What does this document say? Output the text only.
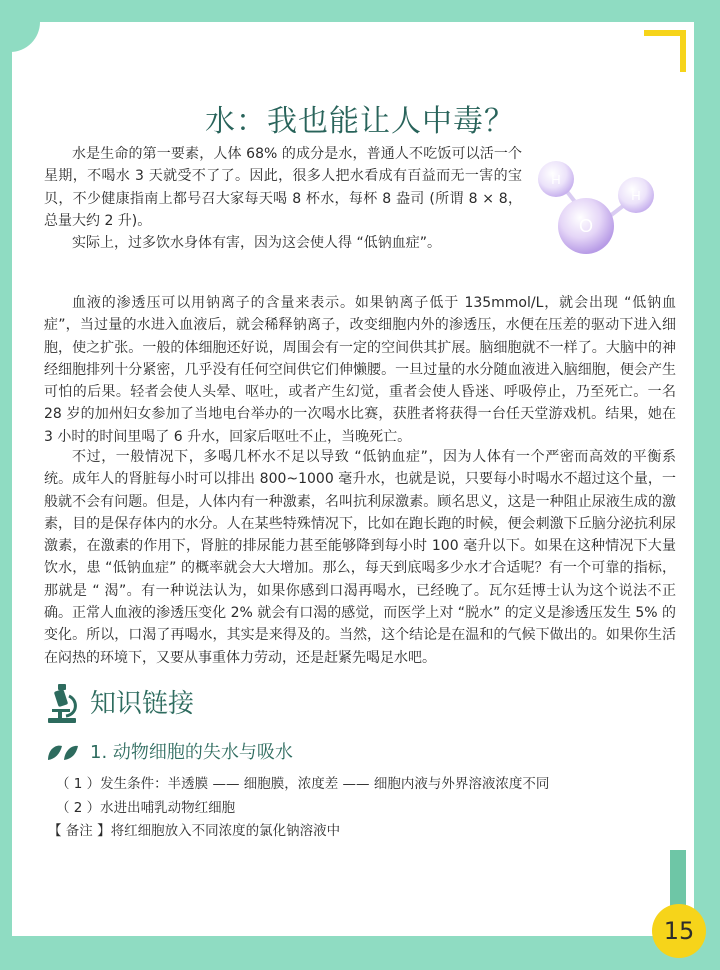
水：我也能让人中毒？

水是生命的第一要素，人体 68% 的成分是水，普通人不吃饭可以活一个星期，不喝水 3 天就受不了了。因此，很多人把水看成有百益而无一害的宝贝，不少健康指南上都号召大家每天喝 8 杯水，每杯 8 盎司 (所谓 8 × 8，总量大约 2 升)。

实际上，过多饮水身体有害，因为这会使人得 “低钠血症”。

H
H
O

血液的渗透压可以用钠离子的含量来表示。如果钠离子低于 135mmol/L，就会出现 “低钠血症”，当过量的水进入血液后，就会稀释钠离子，改变细胞内外的渗透压，水便在压差的驱动下进入细胞，使之扩张。一般的体细胞还好说，周围会有一定的空间供其扩展。脑细胞就不一样了。大脑中的神经细胞排列十分紧密，几乎没有任何空间供它们伸懒腰。一旦过量的水分随血液进入脑细胞，便会产生可怕的后果。轻者会使人头晕、呕吐，或者产生幻觉，重者会使人昏迷、呼吸停止，乃至死亡。一名 28 岁的加州妇女参加了当地电台举办的一次喝水比赛，获胜者将获得一台任天堂游戏机。结果，她在 3 小时的时间里喝了 6 升水，回家后呕吐不止，当晚死亡。

不过，一般情况下，多喝几杯水不足以导致 “低钠血症”，因为人体有一个严密而高效的平衡系统。成年人的肾脏每小时可以排出 800~1000 毫升水，也就是说，只要每小时喝水不超过这个量，一般就不会有问题。但是，人体内有一种激素，名叫抗利尿激素。顾名思义，这是一种阻止尿液生成的激素，目的是保存体内的水分。人在某些特殊情况下，比如在跑长跑的时候，便会刺激下丘脑分泌抗利尿激素，在激素的作用下，肾脏的排尿能力甚至能够降到每小时 100 毫升以下。如果在这种情况下大量饮水，患 “低钠血症” 的概率就会大大增加。那么，每天到底喝多少水才合适呢？有一个可靠的指标，那就是 “ 渴”。有一种说法认为，如果你感到口渴再喝水，已经晚了。瓦尔廷博士认为这个说法不正确。正常人血液的渗透压变化 2% 就会有口渴的感觉，而医学上对 “脱水” 的定义是渗透压发生 5% 的变化。所以，口渴了再喝水，其实是来得及的。当然，这个结论是在温和的气候下做出的。如果你生活在闷热的环境下，又要从事重体力劳动，还是赶紧先喝足水吧。

知识链接
1. 动物细胞的失水与吸水
（ 1 ）发生条件：半透膜 —— 细胞膜，浓度差 —— 细胞内液与外界溶液浓度不同
（ 2 ）水进出哺乳动物红细胞
【 备注 】将红细胞放入不同浓度的氯化钠溶液中
15
